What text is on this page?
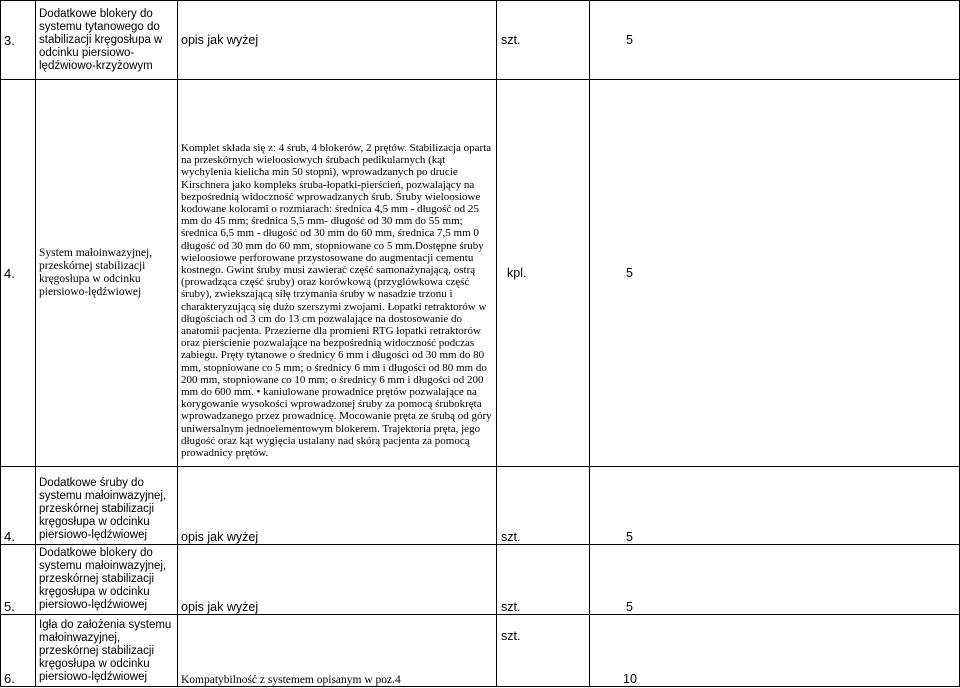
3.	Dodatkowe blokery do systemu tytanowego do stabilizacji kręgosłupa w odcinku piersiowo-lędźwiowo-krzyżowym	opis jak wyżej	szt.	5
4.	System małoinwazyjnej, przeskórnej stabilizacji kręgosłupa w odcinku piersiowo-lędźwiowej	Komplet składa się z: 4 śrub, 4 blokerów, 2 prętów. Stabilizacja oparta na przeskórnych wieloosiowych śrubach pedikularnych (kąt wychylenia kielicha min 50 stopni), wprowadzanych po drucie Kirschnera jako kompleks śruba-łopatki-pierścień, pozwalający na bezpośrednią widoczność wprowadzanych śrub. Śruby wieloosiowe kodowane kolorami o rozmiarach: średnica 4,5 mm - długość od 25 mm do 45 mm; średnica 5,5 mm- długość od 30 mm do 55 mm; średnica 6,5 mm - długość od 30 mm do 60 mm, średnica 7,5 mm 0 długość od 30 mm do 60 mm, stopniowane co 5 mm.Dostępne śruby wieloosiowe perforowane przystosowane do augmentacji cementu kostnego. Gwint śruby musi zawierać część samonażynającą, ostrą (prowadząca część śruby) oraz korówkową (przyglówkowa część śruby), zwiekszającą siłę trzymania śruby w nasadzie trzonu i charakteryzującą się dużo szerszymi zwojami. Łopatki retraktorów w długościach od 3 cm do 13 cm pozwalające na dostosowanie do anatomii pacjenta. Przezierne dla promieni RTG łopatki retraktorów oraz pierścienie pozwalające na bezpośrednią widoczność podczas zabiegu. Pręty tytanowe o średnicy 6 mm i długości od 30 mm do 80 mm, stopniowane co 5 mm; o średnicy 6 mm i długości od 80 mm do 200 mm, stopniowane co 10 mm; o średnicy 6 mm i długości od 200 mm do 600 mm. • kaniulowane prowadnice prętów pozwalające na korygowanie wysokości wprowadzonej śruby za pomocą śrubokręta wprowadzanego przez prowadnicę. Mocowanie pręta ze śrubą od góry uniwersalnym jednoelementowym blokerem. Trajektoria pręta, jego długość oraz kąt wygięcia ustalany nad skórą pacjenta za pomocą prowadnicy prętów.	kpl.	5
4.	Dodatkowe śruby do systemu małoinwazyjnej, przeskórnej stabilizacji kręgosłupa w odcinku piersiowo-lędźwiowej	opis jak wyżej	szt.	5
5.	Dodatkowe blokery do systemu małoinwazyjnej, przeskórnej stabilizacji kręgosłupa w odcinku piersiowo-lędźwiowej	opis jak wyżej	szt.	5
6.	Igła do założenia systemu małoinwazyjnej, przeskórnej stabilizacji kręgosłupa w odcinku piersiowo-lędźwiowej	Kompatybilność z systemem opisanym w poz.4	szt.	10
